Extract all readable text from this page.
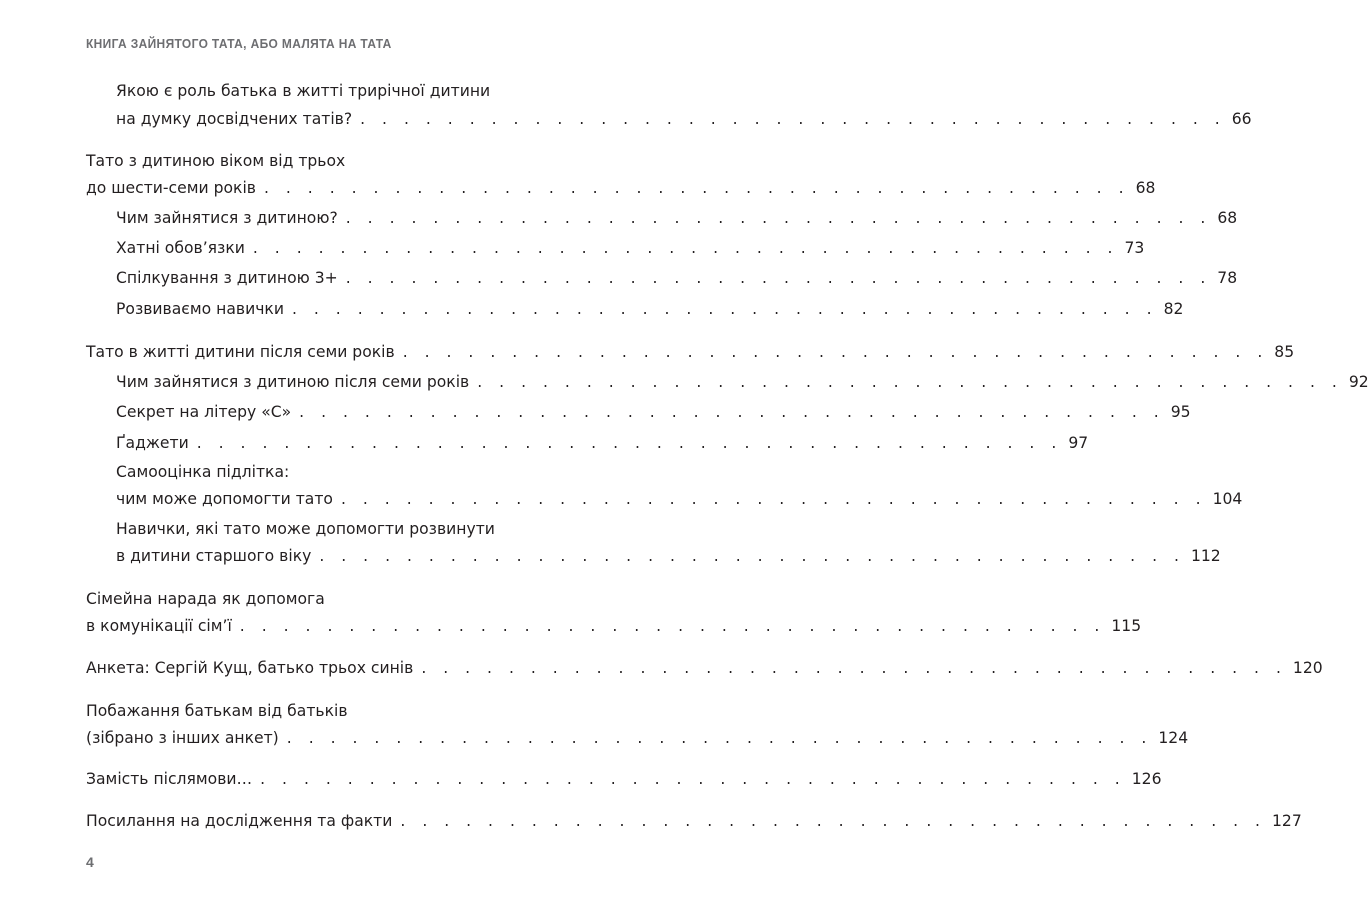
КНИГА ЗАЙНЯТОГО ТАТА, АБО МАЛЯТА НА ТАТА
Якою є роль батька в житті трирічної дитини
на думку досвідчених татів? . . . . . . . . . . . . . . . . . . . . . . . . . . . . . . . . . . . . . . . . 66
Тато з дитиною віком від трьох
до шести-семи років . . . . . . . . . . . . . . . . . . . . . . . . . . . . . . . . . . . . . . . . 68
Чим зайнятися з дитиною? . . . . . . . . . . . . . . . . . . . . . . . . . . . . . . . . . . . . . . . . 68
Хатні обов’язки . . . . . . . . . . . . . . . . . . . . . . . . . . . . . . . . . . . . . . . . 73
Спілкування з дитиною 3+ . . . . . . . . . . . . . . . . . . . . . . . . . . . . . . . . . . . . . . . . 78
Розвиваємо навички . . . . . . . . . . . . . . . . . . . . . . . . . . . . . . . . . . . . . . . . 82
Тато в житті дитини після семи років . . . . . . . . . . . . . . . . . . . . . . . . . . . . . . . . . . . . . . . . 85
Чим зайнятися з дитиною після семи років . . . . . . . . . . . . . . . . . . . . . . . . . . . . . . . . . . . . . . . . 92
Секрет на літеру «С» . . . . . . . . . . . . . . . . . . . . . . . . . . . . . . . . . . . . . . . . 95
Ґаджети . . . . . . . . . . . . . . . . . . . . . . . . . . . . . . . . . . . . . . . . 97
Самооцінка підлітка:
чим може допомогти тато . . . . . . . . . . . . . . . . . . . . . . . . . . . . . . . . . . . . . . . . 104
Навички, які тато може допомогти розвинути
в дитини старшого віку . . . . . . . . . . . . . . . . . . . . . . . . . . . . . . . . . . . . . . . . 112
Сімейна нарада як допомога
в комунікації сім’ї . . . . . . . . . . . . . . . . . . . . . . . . . . . . . . . . . . . . . . . . 115
Анкета: Сергій Кущ, батько трьох синів . . . . . . . . . . . . . . . . . . . . . . . . . . . . . . . . . . . . . . . . 120
Побажання батькам від батьків
(зібрано з інших анкет) . . . . . . . . . . . . . . . . . . . . . . . . . . . . . . . . . . . . . . . . 124
Замість післямови… . . . . . . . . . . . . . . . . . . . . . . . . . . . . . . . . . . . . . . . . 126
Посилання на дослідження та факти . . . . . . . . . . . . . . . . . . . . . . . . . . . . . . . . . . . . . . . . 127
4
